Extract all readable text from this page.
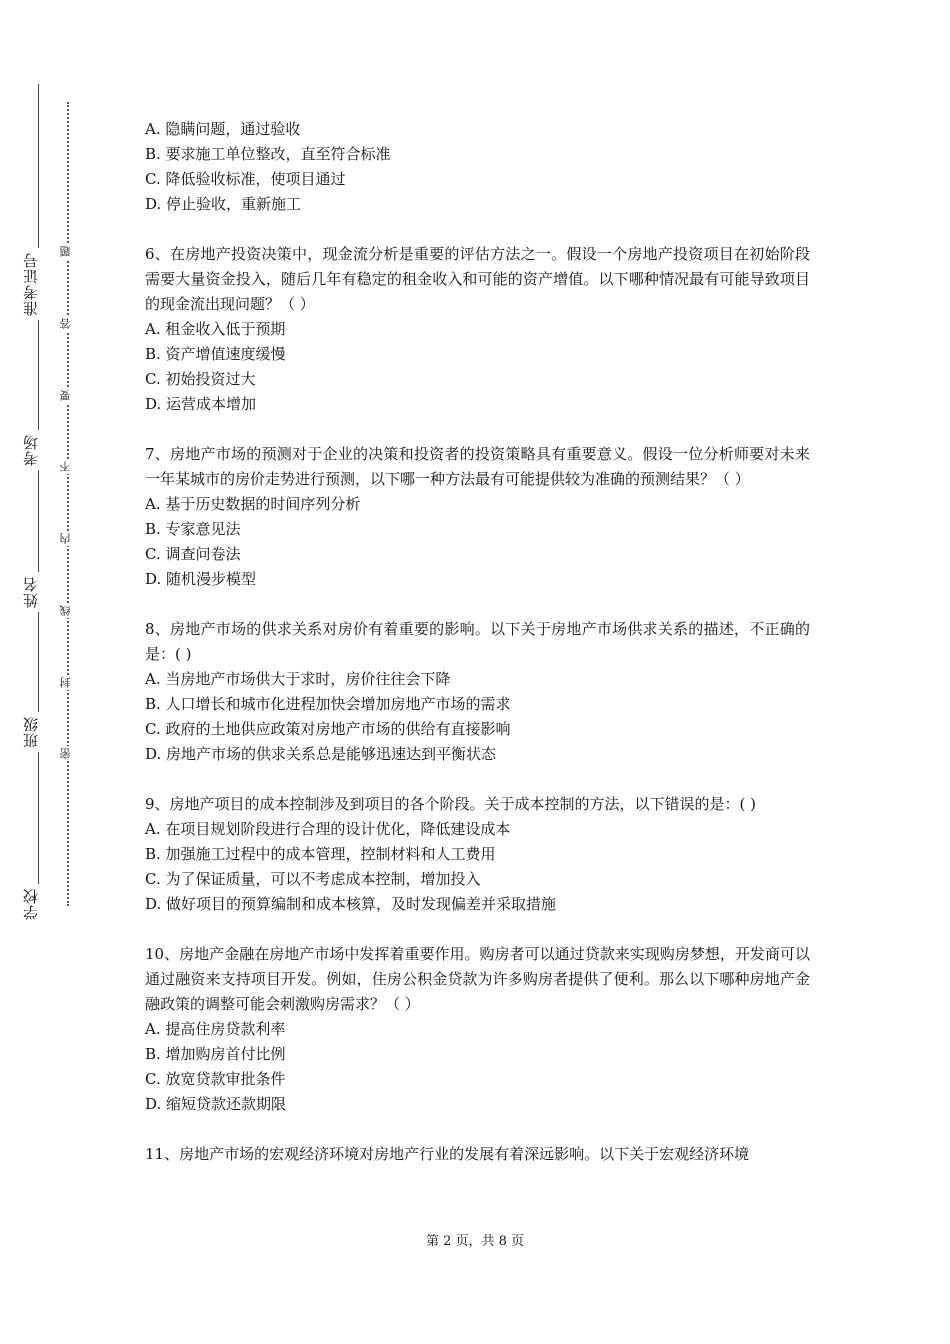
准考证号
考场
姓名
班级
学校
题
答
要
不
内
线
封
密

A. 隐瞒问题，通过验收

B. 要求施工单位整改，直至符合标准

C. 降低验收标准，使项目通过

D. 停止验收，重新施工

6、在房地产投资决策中，现金流分析是重要的评估方法之一。假设一个房地产投资项目在初始阶段需要大量资金投入，随后几年有稳定的租金收入和可能的资产增值。以下哪种情况最有可能导致项目的现金流出现问题？（ ）

A. 租金收入低于预期

B. 资产增值速度缓慢

C. 初始投资过大

D. 运营成本增加

7、房地产市场的预测对于企业的决策和投资者的投资策略具有重要意义。假设一位分析师要对未来一年某城市的房价走势进行预测，以下哪一种方法最有可能提供较为准确的预测结果？（ ）

A. 基于历史数据的时间序列分析

B. 专家意见法

C. 调查问卷法

D. 随机漫步模型

8、房地产市场的供求关系对房价有着重要的影响。以下关于房地产市场供求关系的描述，不正确的是：( )

A. 当房地产市场供大于求时，房价往往会下降

B. 人口增长和城市化进程加快会增加房地产市场的需求

C. 政府的土地供应政策对房地产市场的供给有直接影响

D. 房地产市场的供求关系总是能够迅速达到平衡状态

9、房地产项目的成本控制涉及到项目的各个阶段。关于成本控制的方法，以下错误的是：( )

A. 在项目规划阶段进行合理的设计优化，降低建设成本

B. 加强施工过程中的成本管理，控制材料和人工费用

C. 为了保证质量，可以不考虑成本控制，增加投入

D. 做好项目的预算编制和成本核算，及时发现偏差并采取措施

10、房地产金融在房地产市场中发挥着重要作用。购房者可以通过贷款来实现购房梦想，开发商可以通过融资来支持项目开发。例如，住房公积金贷款为许多购房者提供了便利。那么以下哪种房地产金融政策的调整可能会刺激购房需求？（ ）

A. 提高住房贷款利率

B. 增加购房首付比例

C. 放宽贷款审批条件

D. 缩短贷款还款期限

11、房地产市场的宏观经济环境对房地产行业的发展有着深远影响。以下关于宏观经济环境

第 2 页，共 8 页
